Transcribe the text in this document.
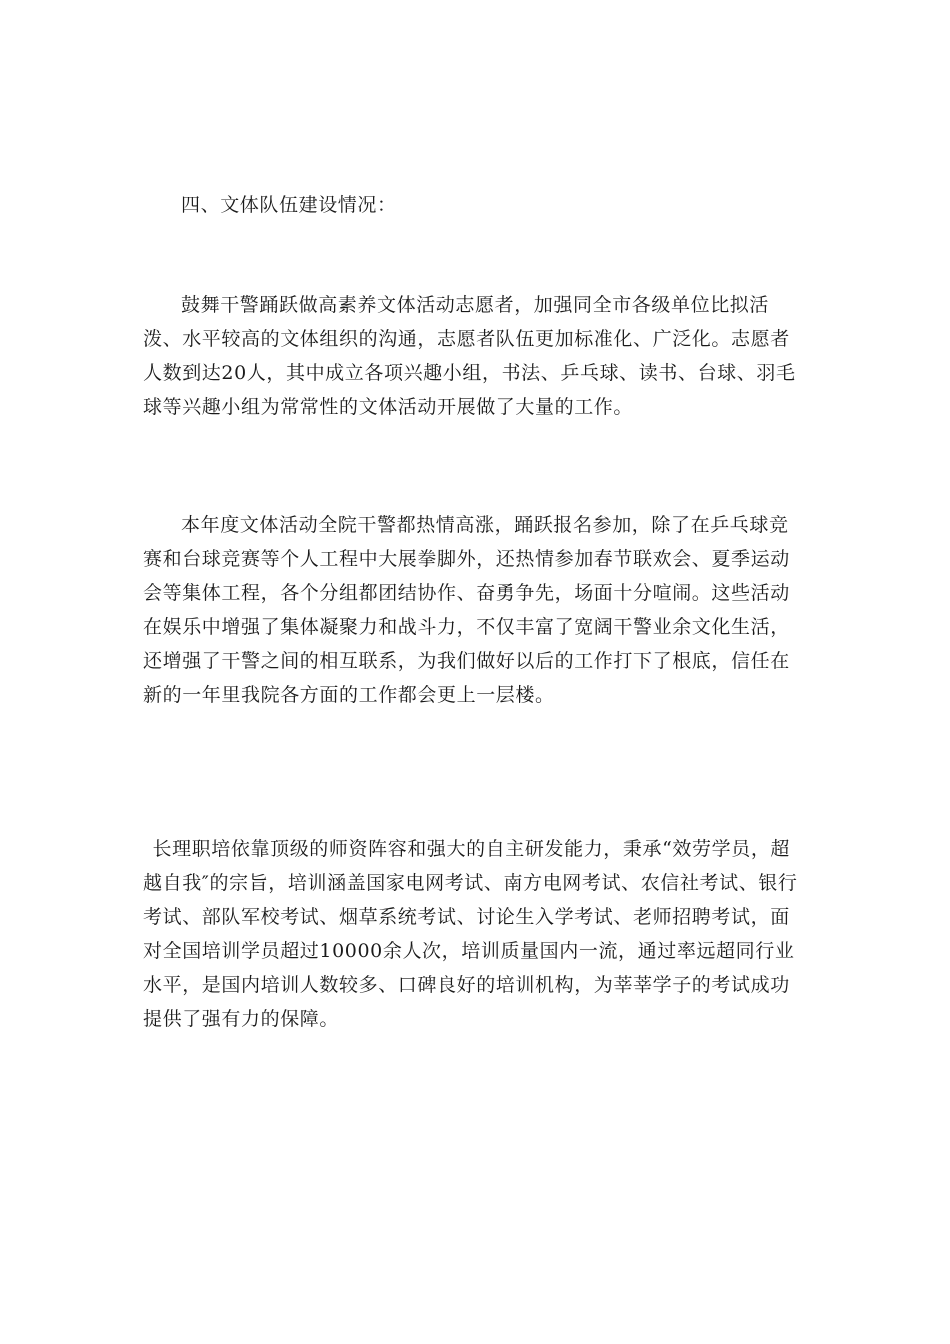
四、文体队伍建设情况：

鼓舞干警踊跃做高素养文体活动志愿者，加强同全市各级单位比拟活泼、水平较高的文体组织的沟通，志愿者队伍更加标准化、广泛化。志愿者人数到达20人，其中成立各项兴趣小组，书法、乒乓球、读书、台球、羽毛球等兴趣小组为常常性的文体活动开展做了大量的工作。

本年度文体活动全院干警都热情高涨，踊跃报名参加，除了在乒乓球竞赛和台球竞赛等个人工程中大展拳脚外，还热情参加春节联欢会、夏季运动会等集体工程，各个分组都团结协作、奋勇争先，场面十分喧闹。这些活动在娱乐中增强了集体凝聚力和战斗力，不仅丰富了宽阔干警业余文化生活，还增强了干警之间的相互联系，为我们做好以后的工作打下了根底，信任在新的一年里我院各方面的工作都会更上一层楼。

长理职培依靠顶级的师资阵容和强大的自主研发能力，秉承“效劳学员，超越自我″的宗旨，培训涵盖国家电网考试、南方电网考试、农信社考试、银行考试、部队军校考试、烟草系统考试、讨论生入学考试、老师招聘考试，面对全国培训学员超过10000余人次，培训质量国内一流，通过率远超同行业水平，是国内培训人数较多、口碑良好的培训机构，为莘莘学子的考试成功提供了强有力的保障。
